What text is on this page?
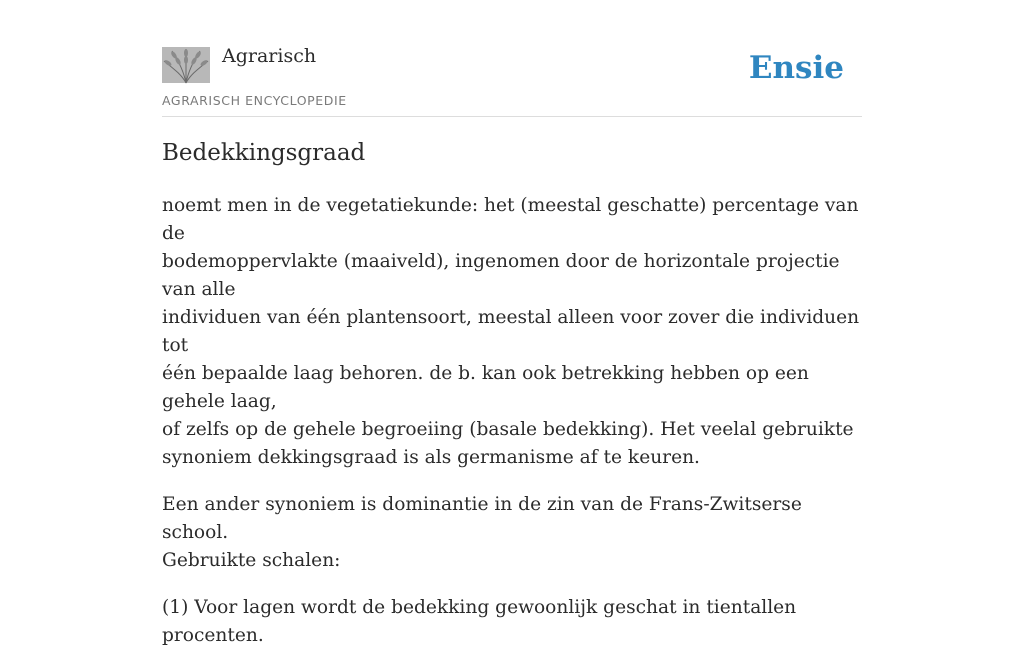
Agrarisch
AGRARISCH ENCYCLOPEDIE
Ensie
Bedekkingsgraad

noemt men in de vegetatiekunde: het (meestal geschatte) percentage van de
bodemoppervlakte (maaiveld), ingenomen door de horizontale projectie van alle
individuen van één plantensoort, meestal alleen voor zover die individuen tot
één bepaalde laag behoren. de b. kan ook betrekking hebben op een gehele laag,
of zelfs op de gehele begroeiing (basale bedekking). Het veelal gebruikte
synoniem dekkingsgraad is als germanisme af te keuren.

Een ander synoniem is dominantie in de zin van de Frans-Zwitserse school.
Gebruikte schalen:

(1) Voor lagen wordt de bedekking gewoonlijk geschat in tientallen procenten.
